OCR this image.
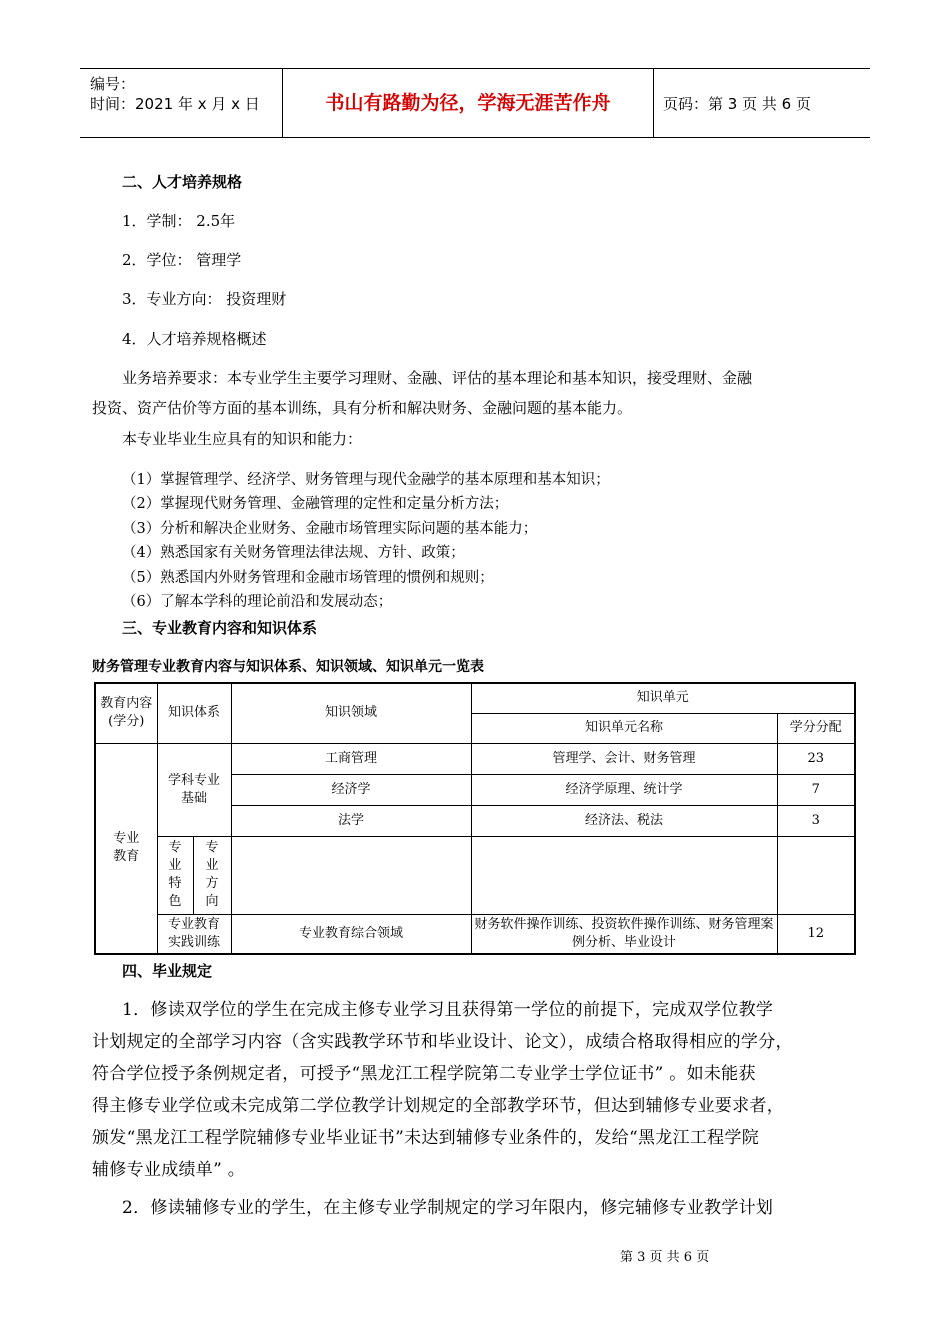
编号：
时间：2021 年 x 月 x 日	书山有路勤为径，学海无涯苦作舟	页码：第 3 页 共 6 页
二、人才培养规格
1．学制： 2.5年
2．学位： 管理学
3．专业方向： 投资理财
4．人才培养规格概述
业务培养要求：本专业学生主要学习理财、金融、评估的基本理论和基本知识，接受理财、金融
投资、资产估价等方面的基本训练，具有分析和解决财务、金融问题的基本能力。
本专业毕业生应具有的知识和能力：
（1）掌握管理学、经济学、财务管理与现代金融学的基本原理和基本知识；
（2）掌握现代财务管理、金融管理的定性和定量分析方法；
（3）分析和解决企业财务、金融市场管理实际问题的基本能力；
（4）熟悉国家有关财务管理法律法规、方针、政策；
（5）熟悉国内外财务管理和金融市场管理的惯例和规则；
（6）了解本学科的理论前沿和发展动态；
三、专业教育内容和知识体系
财务管理专业教育内容与知识体系、知识领域、知识单元一览表
教育内容(学分)	知识体系		知识领域	知识单元	
				知识单元名称	学分分配
专业教育	学科专业基础		工商管理	管理学、会计、财务管理	23
			经济学	经济学原理、统计学	7
			法学	经济法、税法	3
	专业特色	专业方向			
	专业教育实践训练		专业教育综合领域	财务软件操作训练、投资软件操作训练、财务管理案例分析、毕业设计	12
四、毕业规定
1．修读双学位的学生在完成主修专业学习且获得第一学位的前提下，完成双学位教学
计划规定的全部学习内容（含实践教学环节和毕业设计、论文），成绩合格取得相应的学分，
符合学位授予条例规定者，可授予“黑龙江工程学院第二专业学士学位证书” 。如未能获
得主修专业学位或未完成第二学位教学计划规定的全部教学环节，但达到辅修专业要求者，
颁发“黑龙江工程学院辅修专业毕业证书”未达到辅修专业条件的，发给“黑龙江工程学院
辅修专业成绩单” 。
2．修读辅修专业的学生，在主修专业学制规定的学习年限内，修完辅修专业教学计划
第 3 页 共 6 页
